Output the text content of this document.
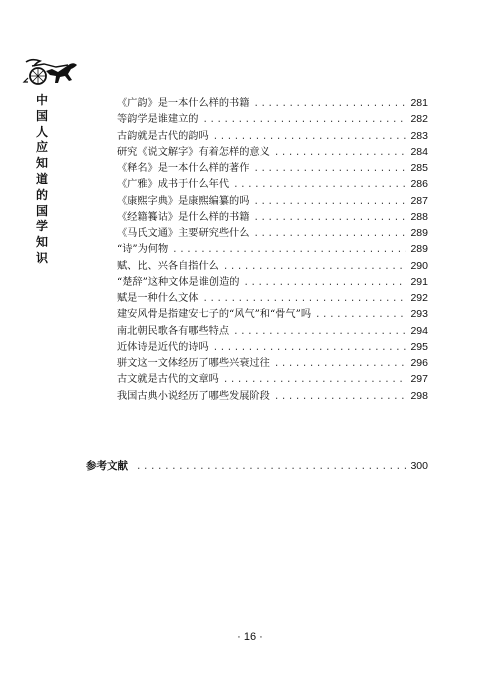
中
国
人
应
知
道
的
国
学
知
识
《广韵》是一本什么样的书籍 .....	281
等韵学是谁建立的 .....	282
古韵就是古代的韵吗 .....	283
研究《说文解字》有着怎样的意义 .....	284
《释名》是一本什么样的著作 .....	285
《广雅》成书于什么年代 .....	286
《康熙字典》是康熙编纂的吗 .....	287
《经籍籑诂》是什么样的书籍 .....	288
《马氏文通》主要研究些什么 .....	289
“诗”为何物 .....	289
赋、比、兴各自指什么 .....	290
“楚辞”这种文体是谁创造的 .....	291
赋是一种什么文体 .....	292
建安风骨是指建安七子的“风气”和“骨气”吗 .....	293
南北朝民歌各有哪些特点 .....	294
近体诗是近代的诗吗 .....	295
骈文这一文体经历了哪些兴衰过往 .....	296
古文就是古代的文章吗 .....	297
我国古典小说经历了哪些发展阶段 .....	298
参考文献 .....	300
· 16 ·
